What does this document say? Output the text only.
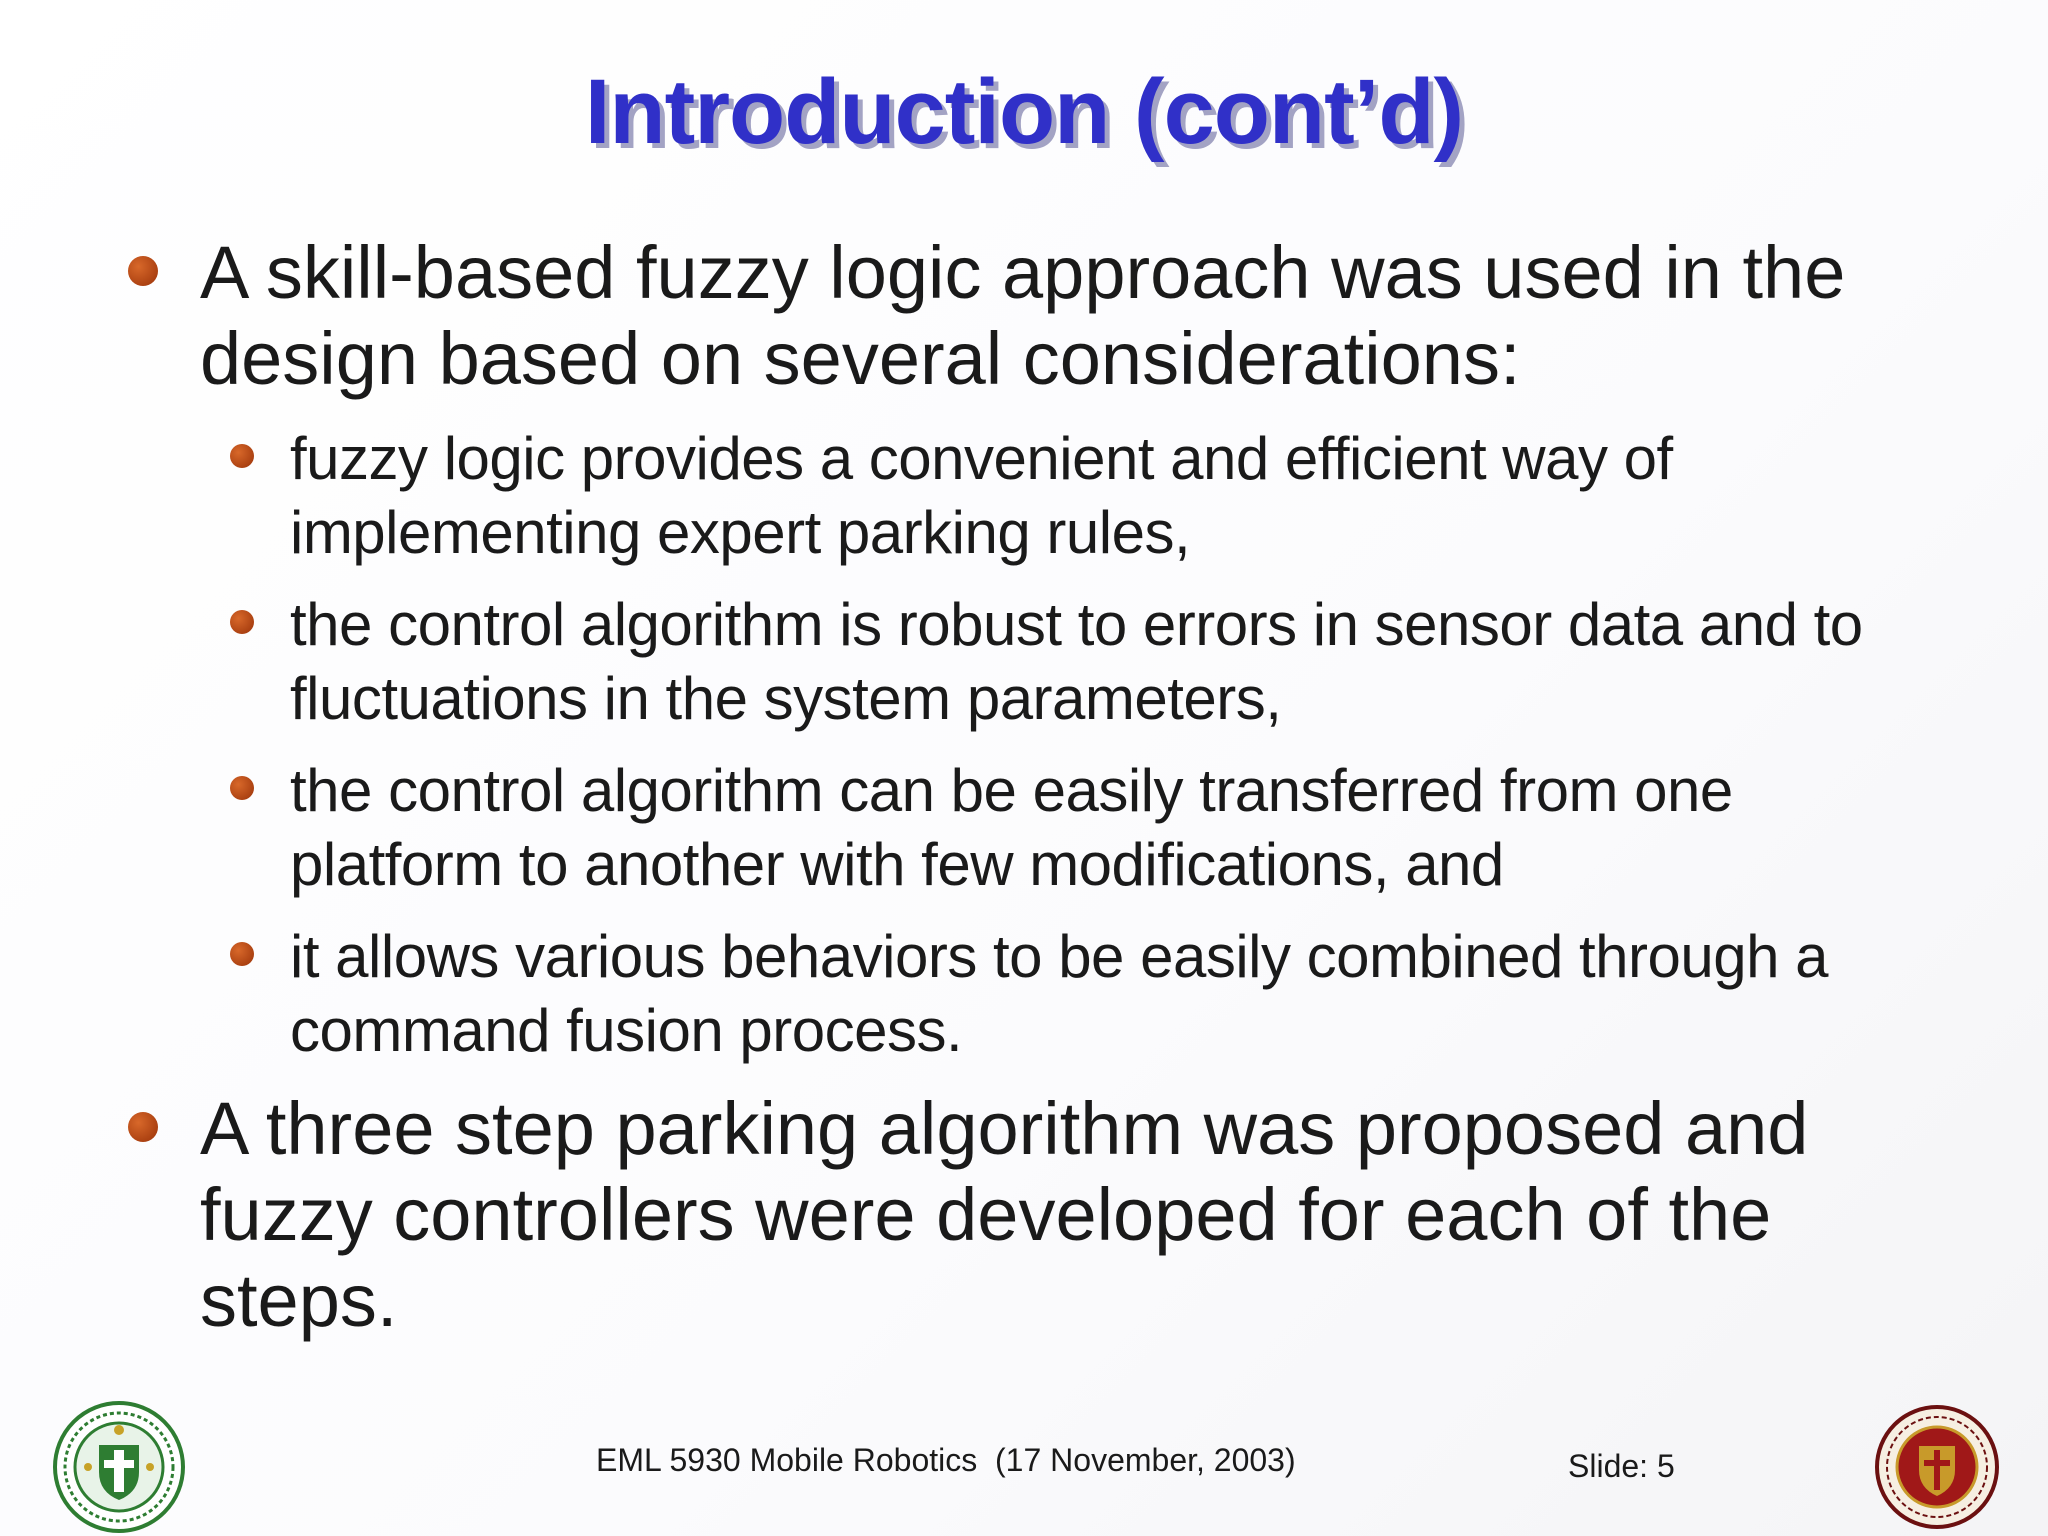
Introduction (cont’d)
A skill-based fuzzy logic approach was used in the design based on several considerations:
fuzzy logic provides a convenient and efficient way of implementing expert parking rules,
the control algorithm is robust to errors in sensor data and to fluctuations in the system parameters,
the control algorithm can be easily transferred from one platform to another with few modifications, and
it allows various behaviors to be easily combined through a command fusion process.
A three step parking algorithm was proposed and fuzzy controllers were developed for each of the steps.
EML 5930 Mobile Robotics  (17 November, 2003)	Slide: 5
